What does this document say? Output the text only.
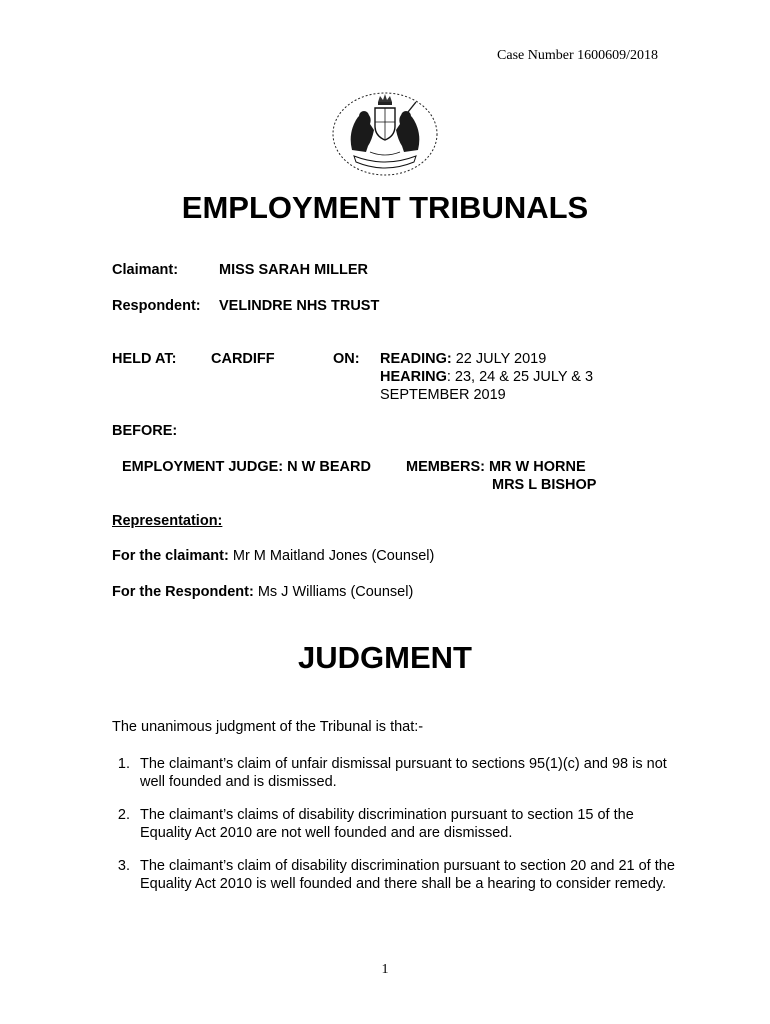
Case Number 1600609/2018
EMPLOYMENT TRIBUNALS
Claimant:	MISS SARAH MILLER
Respondent: VELINDRE NHS TRUST
HELD AT: CARDIFF	ON: READING: 22 JULY 2019
HEARING: 23, 24 & 25 JULY & 3
SEPTEMBER 2019
BEFORE:
EMPLOYMENT JUDGE: N W BEARD MEMBERS: MR W HORNE
MRS L BISHOP
Representation:
For the claimant: Mr M Maitland Jones (Counsel)
For the Respondent: Ms J Williams (Counsel)
JUDGMENT
The unanimous judgment of the Tribunal is that:-
1. The claimant’s claim of unfair dismissal pursuant to sections 95(1)(c) and 98 is not well founded and is dismissed.
2. The claimant’s claims of disability discrimination pursuant to section 15 of the Equality Act 2010 are not well founded and are dismissed.
3. The claimant’s claim of disability discrimination pursuant to section 20 and 21 of the Equality Act 2010 is well founded and there shall be a hearing to consider remedy.
1
